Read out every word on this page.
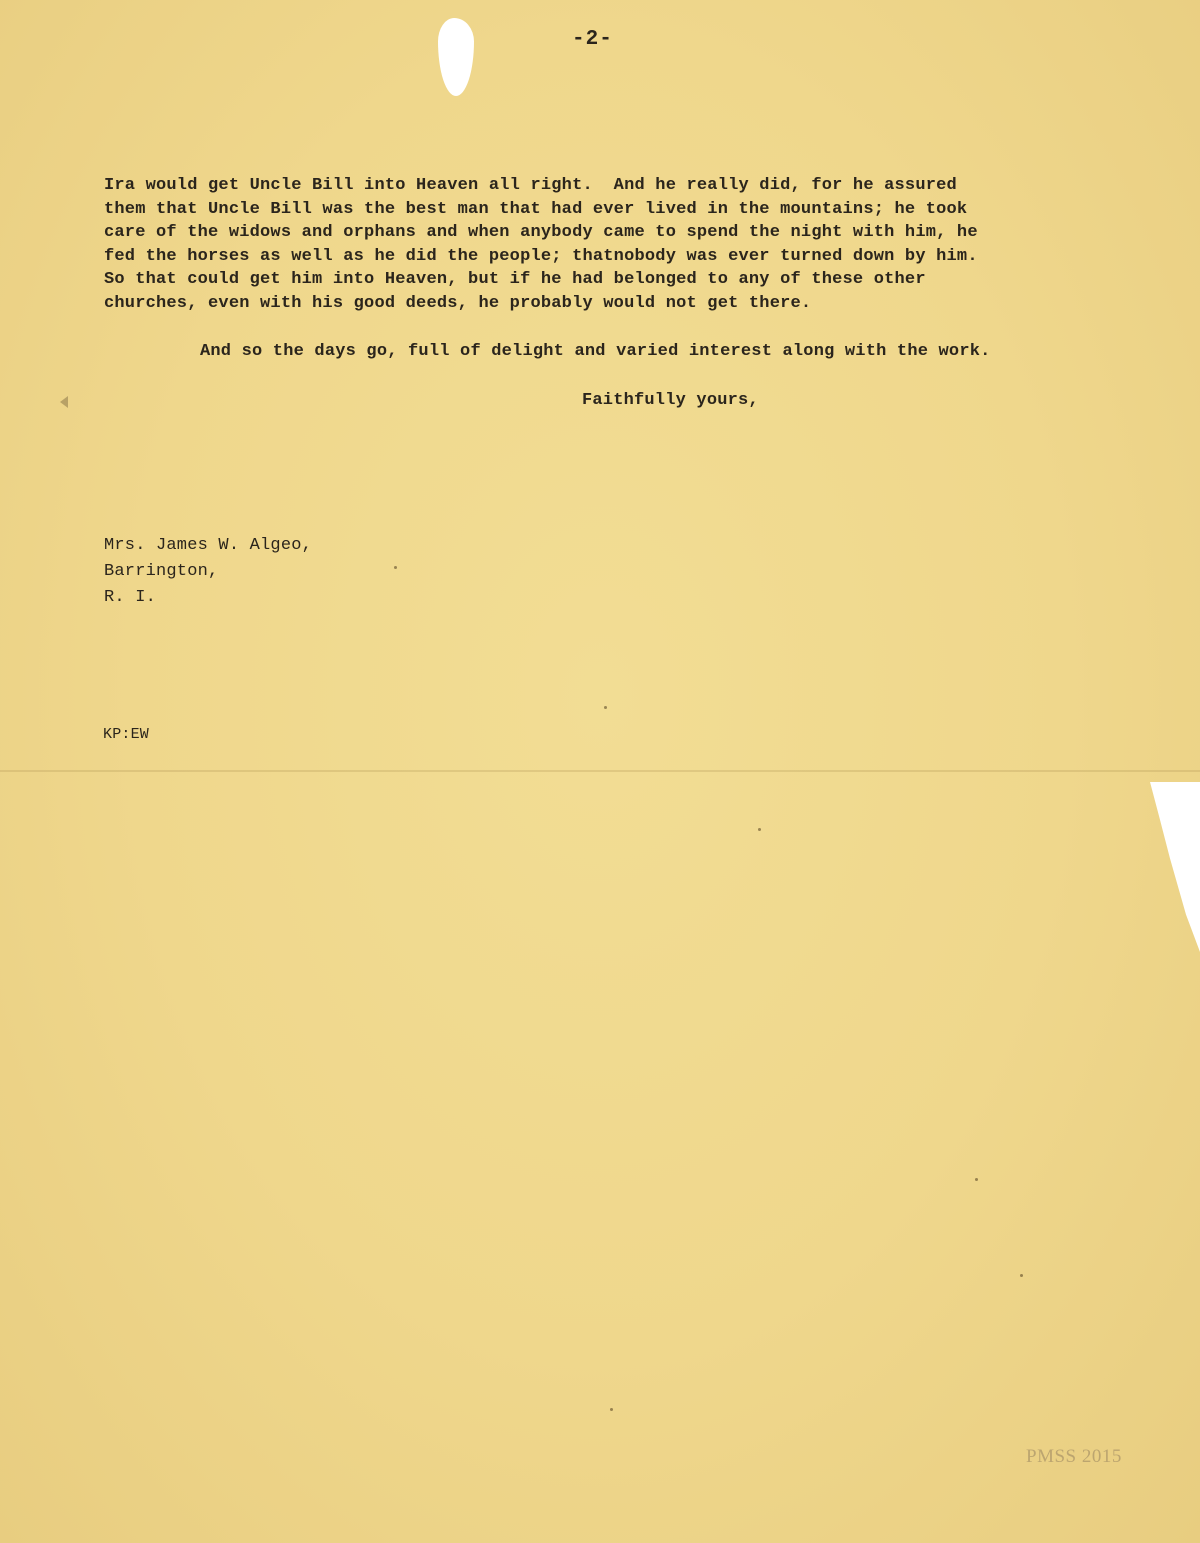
-2-
Ira would get Uncle Bill into Heaven all right.  And he really did, for he assured
them that Uncle Bill was the best man that had ever lived in the mountains; he took
care of the widows and orphans and when anybody came to spend the night with him, he
fed the horses as well as he did the people; thatnobody was ever turned down by him.
So that could get him into Heaven, but if he had belonged to any of these other
churches, even with his good deeds, he probably would not get there.
And so the days go, full of delight and varied interest along with the work.
Faithfully yours,
Mrs. James W. Algeo,
Barrington,
R. I.
KP:EW
PMSS 2015
